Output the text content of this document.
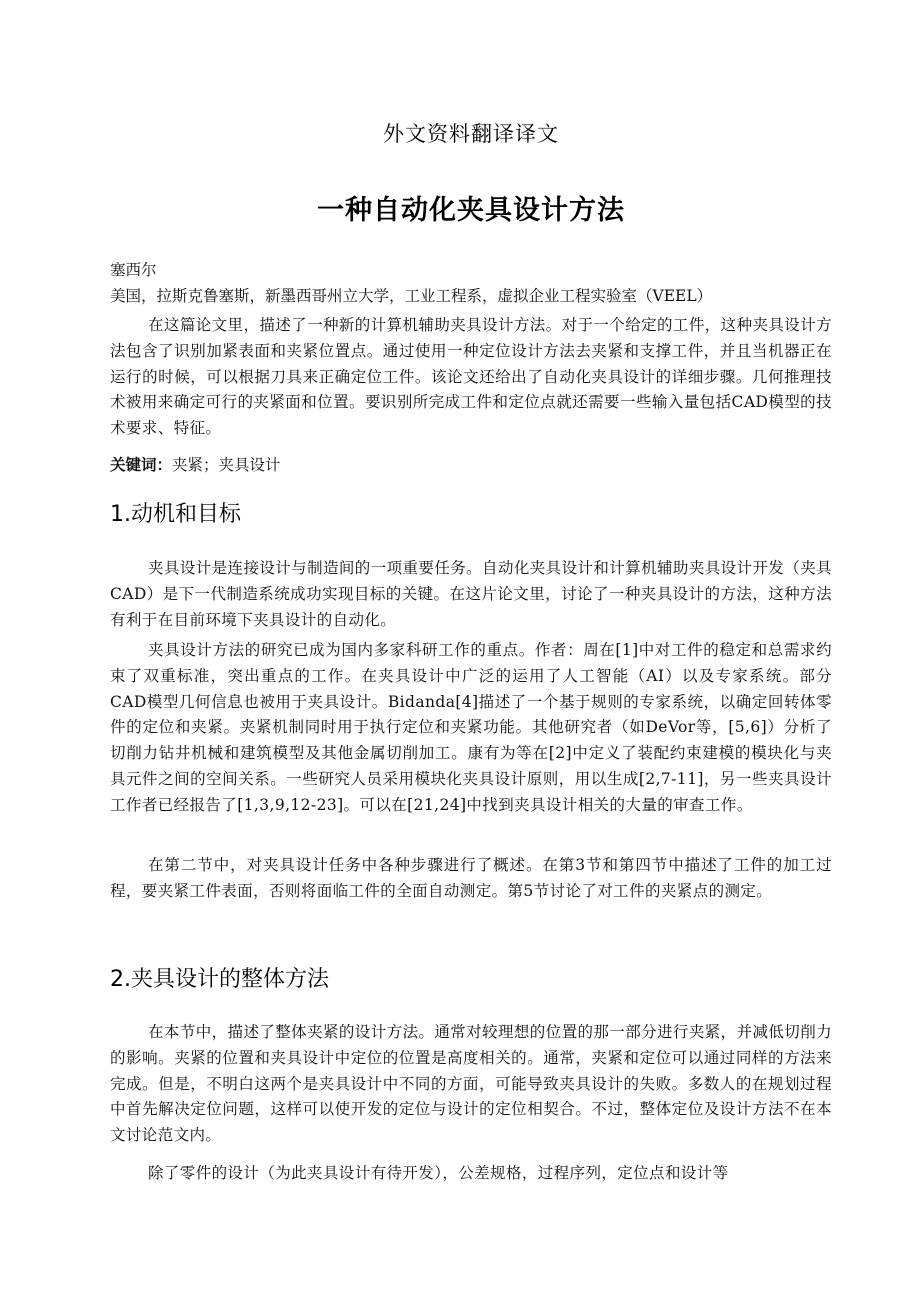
外文资料翻译译文
一种自动化夹具设计方法
塞西尔
美国，拉斯克鲁塞斯，新墨西哥州立大学，工业工程系，虚拟企业工程实验室（VEEL）

在这篇论文里，描述了一种新的计算机辅助夹具设计方法。对于一个给定的工件，这种夹具设计方法包含了识别加紧表面和夹紧位置点。通过使用一种定位设计方法去夹紧和支撑工件，并且当机器正在运行的时候，可以根据刀具来正确定位工件。该论文还给出了自动化夹具设计的详细步骤。几何推理技术被用来确定可行的夹紧面和位置。要识别所完成工件和定位点就还需要一些输入量包括CAD模型的技术要求、特征。

关键词：夹紧；夹具设计
1.动机和目标

夹具设计是连接设计与制造间的一项重要任务。自动化夹具设计和计算机辅助夹具设计开发（夹具CAD）是下一代制造系统成功实现目标的关键。在这片论文里，讨论了一种夹具设计的方法，这种方法有利于在目前环境下夹具设计的自动化。

夹具设计方法的研究已成为国内多家科研工作的重点。作者：周在[1]中对工件的稳定和总需求约束了双重标准，突出重点的工作。在夹具设计中广泛的运用了人工智能（AI）以及专家系统。部分CAD模型几何信息也被用于夹具设计。Bidanda[4]描述了一个基于规则的专家系统，以确定回转体零件的定位和夹紧。夹紧机制同时用于执行定位和夹紧功能。其他研究者（如DeVor等，[5,6]）分析了切削力钻井机械和建筑模型及其他金属切削加工。康有为等在[2]中定义了装配约束建模的模块化与夹具元件之间的空间关系。一些研究人员采用模块化夹具设计原则，用以生成[2,7-11]，另一些夹具设计工作者已经报告了[1,3,9,12-23]。可以在[21,24]中找到夹具设计相关的大量的审查工作。

在第二节中，对夹具设计任务中各种步骤进行了概述。在第3节和第四节中描述了工件的加工过程，要夹紧工件表面，否则将面临工件的全面自动测定。第5节讨论了对工件的夹紧点的测定。

2.夹具设计的整体方法

在本节中，描述了整体夹紧的设计方法。通常对较理想的位置的那一部分进行夹紧，并减低切削力的影响。夹紧的位置和夹具设计中定位的位置是高度相关的。通常，夹紧和定位可以通过同样的方法来完成。但是，不明白这两个是夹具设计中不同的方面，可能导致夹具设计的失败。多数人的在规划过程中首先解决定位问题，这样可以使开发的定位与设计的定位相契合。不过，整体定位及设计方法不在本文讨论范文内。

除了零件的设计（为此夹具设计有待开发），公差规格，过程序列，定位点和设计等
